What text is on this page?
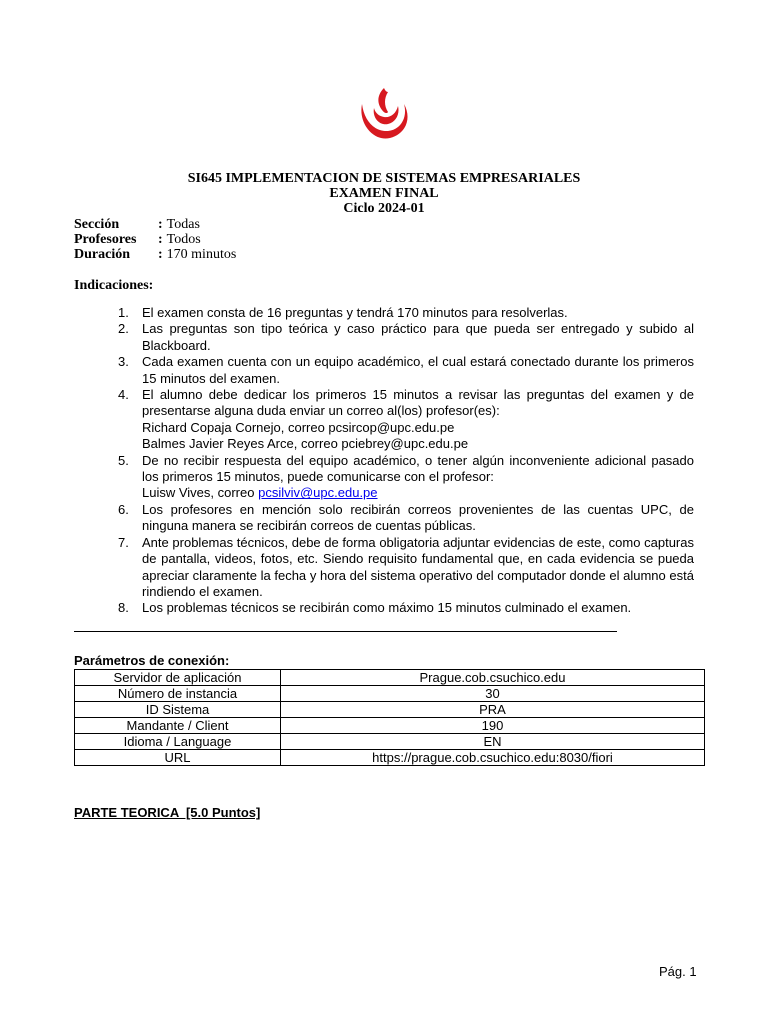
SI645 IMPLEMENTACION DE SISTEMAS EMPRESARIALES
EXAMEN FINAL
Ciclo 2024-01
Sección	: Todas
Profesores : Todos
Duración : 170 minutos
Indicaciones:
1. El examen consta de 16 preguntas y tendrá 170 minutos para resolverlas.
2. Las preguntas son tipo teórica y caso práctico para que pueda ser entregado y subido al Blackboard.
3. Cada examen cuenta con un equipo académico, el cual estará conectado durante los primeros 15 minutos del examen.
4. El alumno debe dedicar los primeros 15 minutos a revisar las preguntas del examen y de presentarse alguna duda enviar un correo al(los) profesor(es):
Richard Copaja Cornejo, correo pcsircop@upc.edu.pe
Balmes Javier Reyes Arce, correo pciebrey@upc.edu.pe
5. De no recibir respuesta del equipo académico, o tener algún inconveniente adicional pasado los primeros 15 minutos, puede comunicarse con el profesor:
Luisw Vives, correo pcsilviv@upc.edu.pe
6. Los profesores en mención solo recibirán correos provenientes de las cuentas UPC, de ninguna manera se recibirán correos de cuentas públicas.
7. Ante problemas técnicos, debe de forma obligatoria adjuntar evidencias de este, como capturas de pantalla, videos, fotos, etc. Siendo requisito fundamental que, en cada evidencia se pueda apreciar claramente la fecha y hora del sistema operativo del computador donde el alumno está rindiendo el examen.
8. Los problemas técnicos se recibirán como máximo 15 minutos culminado el examen.
Parámetros de conexión:
Servidor de aplicación	Prague.cob.csuchico.edu
Número de instancia	30
ID Sistema	PRA
Mandante / Client	190
Idioma / Language	EN
URL	https://prague.cob.csuchico.edu:8030/fiori
PARTE TEORICA  [5.0 Puntos]
Pág. 1
